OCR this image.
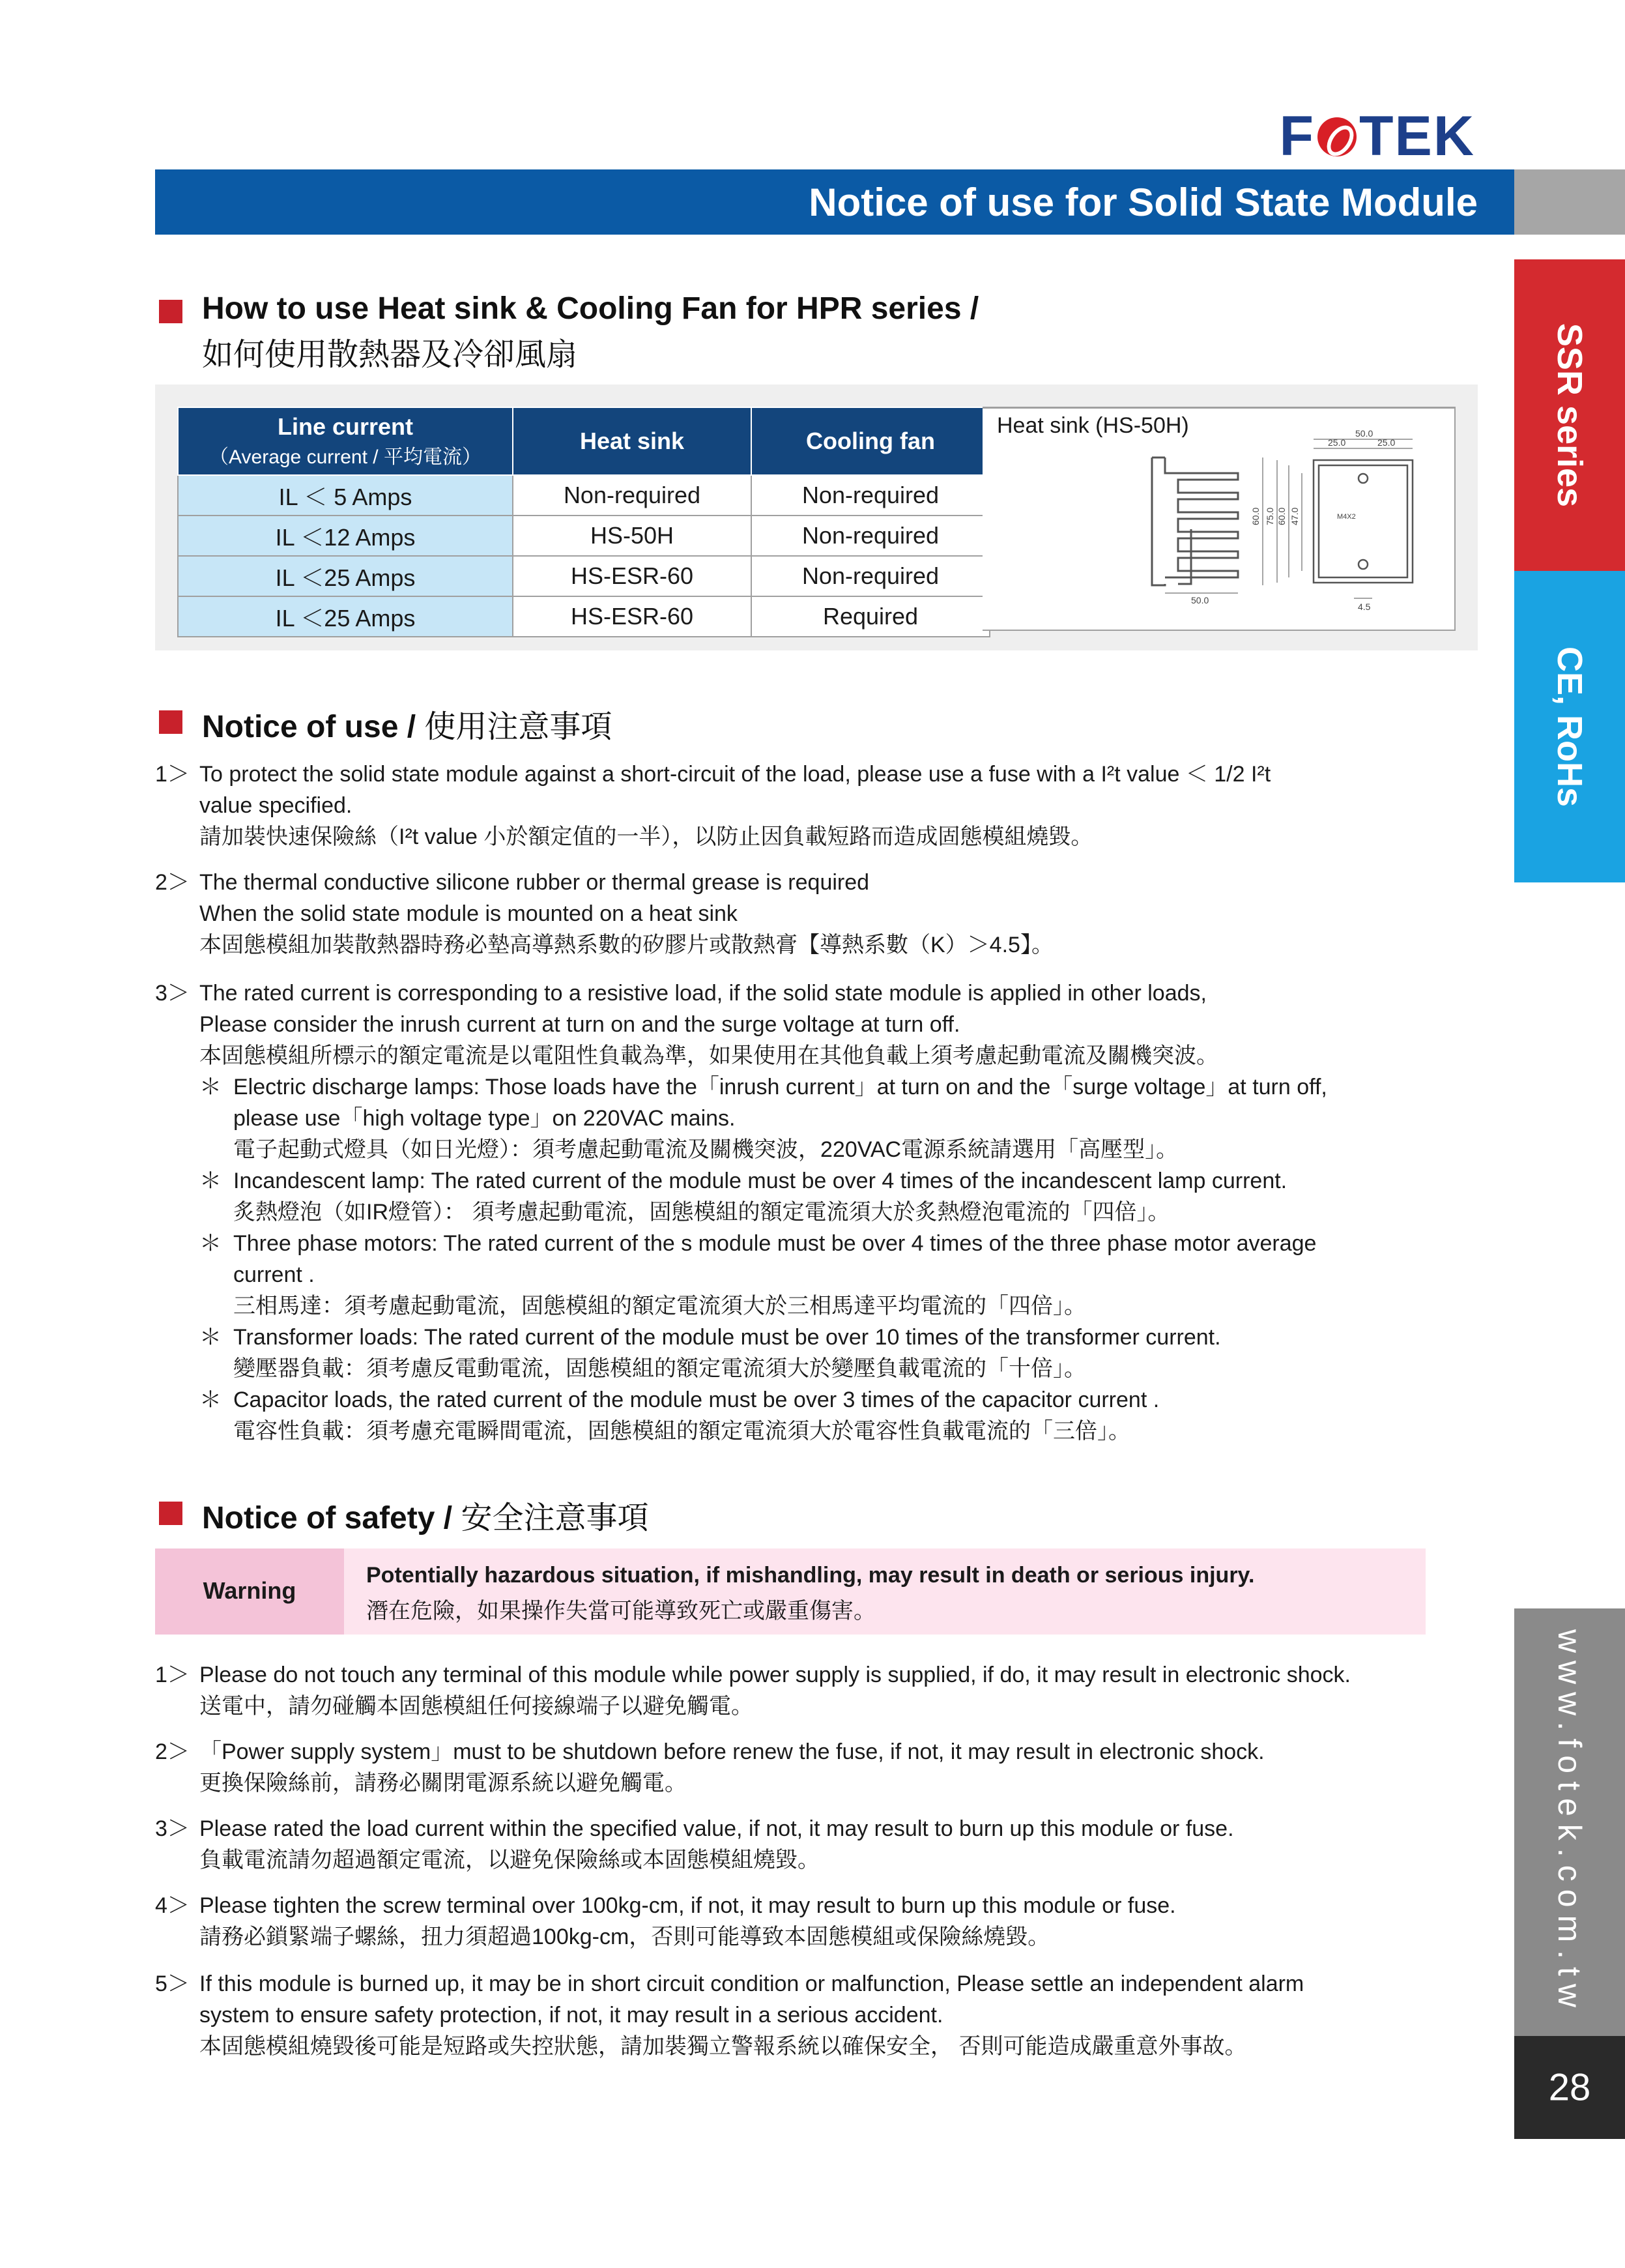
F TEK
Notice of use for Solid State Module
SSR series
CE, RoHs
www.fotek.com.tw
28
How to use Heat sink & Cooling Fan for HPR series /
如何使用散熱器及冷卻風扇
Line current
（Average current / 平均電流）	Heat sink	Cooling fan
IL ＜ 5 Amps	Non-required	Non-required
IL ＜12 Amps	HS-50H	Non-required
IL ＜25 Amps	HS-ESR-60	Non-required
IL ＜25 Amps	HS-ESR-60	Required
50.0
25.0	25.0
60.0 75.0 60.0 47.0
50.0
M4X2
4.5
Heat sink (HS-50H)
Notice of use / 使用注意事項
1＞ To protect the solid state module against a short-circuit of the load, please use a fuse with a I²t value ＜ 1/2 I²t
value specified.
請加裝快速保險絲（I²t value 小於額定值的一半），以防止因負載短路而造成固態模組燒毀。
2＞ The thermal conductive silicone rubber or thermal grease is required
When the solid state module is mounted on a heat sink
本固態模組加裝散熱器時務必墊高導熱系數的矽膠片或散熱膏【導熱系數（K）＞4.5】。
3＞ The rated current is corresponding to a resistive load, if the solid state module is applied in other loads,
Please consider the inrush current at turn on and the surge voltage at turn off.
本固態模組所標示的額定電流是以電阻性負載為準，如果使用在其他負載上須考慮起動電流及關機突波。
＊ Electric discharge lamps: Those loads have the「inrush current」at turn on and the「surge voltage」at turn off,
please use「high voltage type」on 220VAC mains.
電子起動式燈具（如日光燈）：須考慮起動電流及關機突波，220VAC電源系統請選用「高壓型」。
＊ Incandescent lamp: The rated current of the module must be over 4 times of the incandescent lamp current.
炙熱燈泡（如IR燈管）： 須考慮起動電流，固態模組的額定電流須大於炙熱燈泡電流的「四倍」。
＊ Three phase motors: The rated current of the s module must be over 4 times of the three phase motor average
current .
三相馬達：須考慮起動電流，固態模組的額定電流須大於三相馬達平均電流的「四倍」。
＊ Transformer loads: The rated current of the module must be over 10 times of the transformer current.
變壓器負載：須考慮反電動電流，固態模組的額定電流須大於變壓負載電流的「十倍」。
＊ Capacitor loads, the rated current of the module must be over 3 times of the capacitor current .
電容性負載：須考慮充電瞬間電流，固態模組的額定電流須大於電容性負載電流的「三倍」。
Notice of safety / 安全注意事項
Warning
Potentially hazardous situation, if mishandling, may result in death or serious injury.
潛在危險，如果操作失當可能導致死亡或嚴重傷害。
1＞ Please do not touch any terminal of this module while power supply is supplied, if do, it may result in electronic shock.
送電中，請勿碰觸本固態模組任何接線端子以避免觸電。
2＞ 「Power supply system」must to be shutdown before renew the fuse, if not, it may result in electronic shock.
更換保險絲前，請務必關閉電源系統以避免觸電。
3＞ Please rated the load current within the specified value, if not, it may result to burn up this module or fuse.
負載電流請勿超過額定電流，以避免保險絲或本固態模組燒毀。
4＞ Please tighten the screw terminal over 100kg-cm, if not, it may result to burn up this module or fuse.
請務必鎖緊端子螺絲，扭力須超過100kg-cm，否則可能導致本固態模組或保險絲燒毀。
5＞ If this module is burned up, it may be in short circuit condition or malfunction, Please settle an independent alarm
system to ensure safety protection, if not, it may result in a serious accident.
本固態模組燒毀後可能是短路或失控狀態，請加裝獨立警報系統以確保安全， 否則可能造成嚴重意外事故。
